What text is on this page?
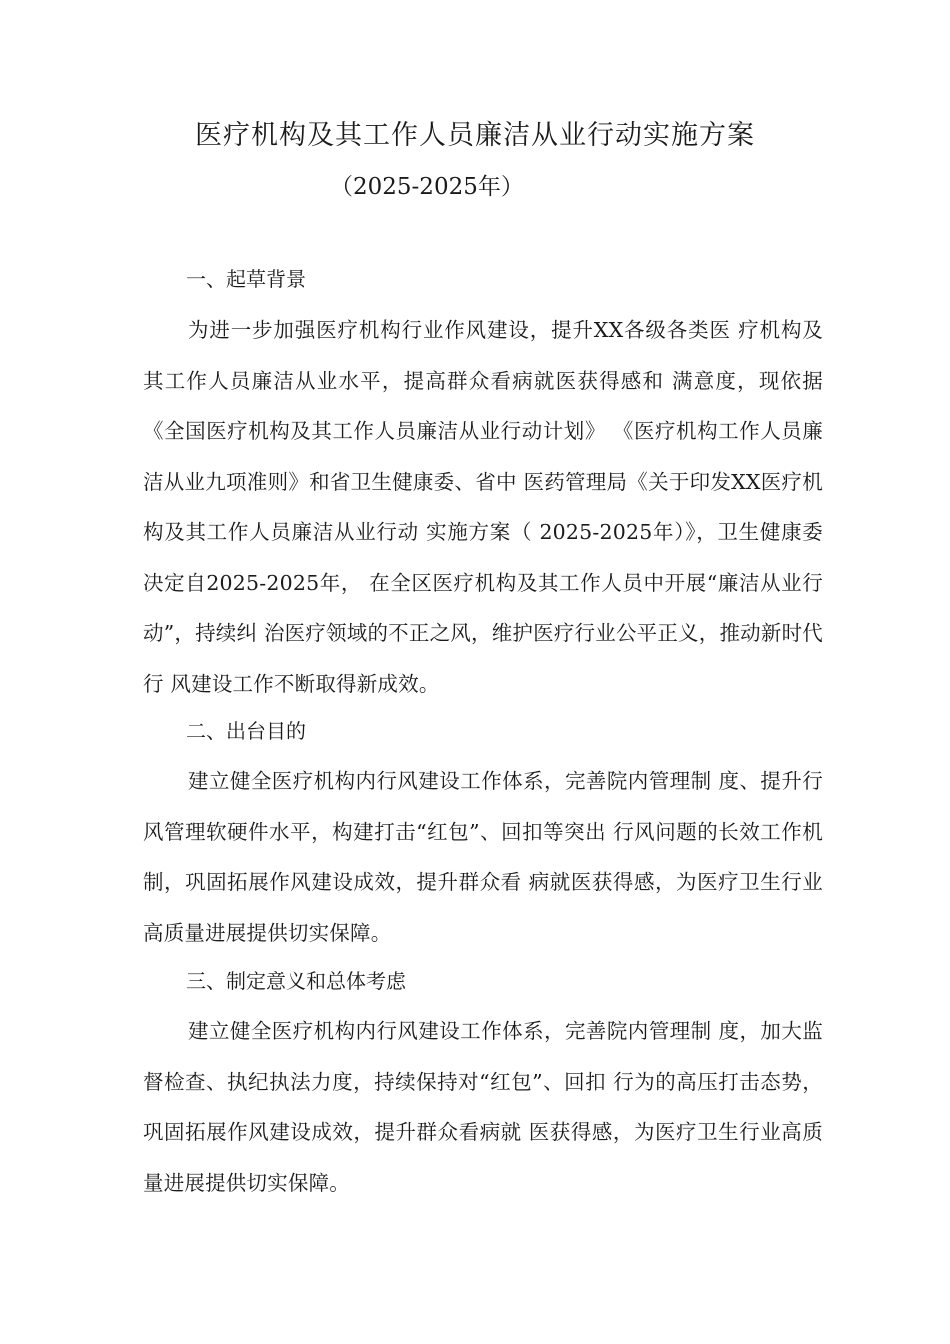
医疗机构及其工作人员廉洁从业行动实施方案
（2025-2025年）
一、起草背景

为进一步加强医疗机构行业作风建设，提升XX各级各类医 疗机构及其工作人员廉洁从业水平，提高群众看病就医获得感和 满意度，现依据《全国医疗机构及其工作人员廉洁从业行动计划》 《医疗机构工作人员廉洁从业九项准则》和省卫生健康委、省中 医药管理局《关于印发XX医疗机构及其工作人员廉洁从业行动 实施方案（ 2025-2025年）》，卫生健康委决定自2025-2025年， 在全区医疗机构及其工作人员中开展“廉洁从业行动”，持续纠 治医疗领域的不正之风，维护医疗行业公平正义，推动新时代行 风建设工作不断取得新成效。

二、出台目的

建立健全医疗机构内行风建设工作体系，完善院内管理制 度、提升行风管理软硬件水平，构建打击“红包”、回扣等突出 行风问题的长效工作机制，巩固拓展作风建设成效，提升群众看 病就医获得感，为医疗卫生行业高质量进展提供切实保障。

三、制定意义和总体考虑

建立健全医疗机构内行风建设工作体系，完善院内管理制 度，加大监督检查、执纪执法力度，持续保持对“红包”、回扣 行为的高压打击态势，巩固拓展作风建设成效，提升群众看病就 医获得感，为医疗卫生行业高质量进展提供切实保障。
